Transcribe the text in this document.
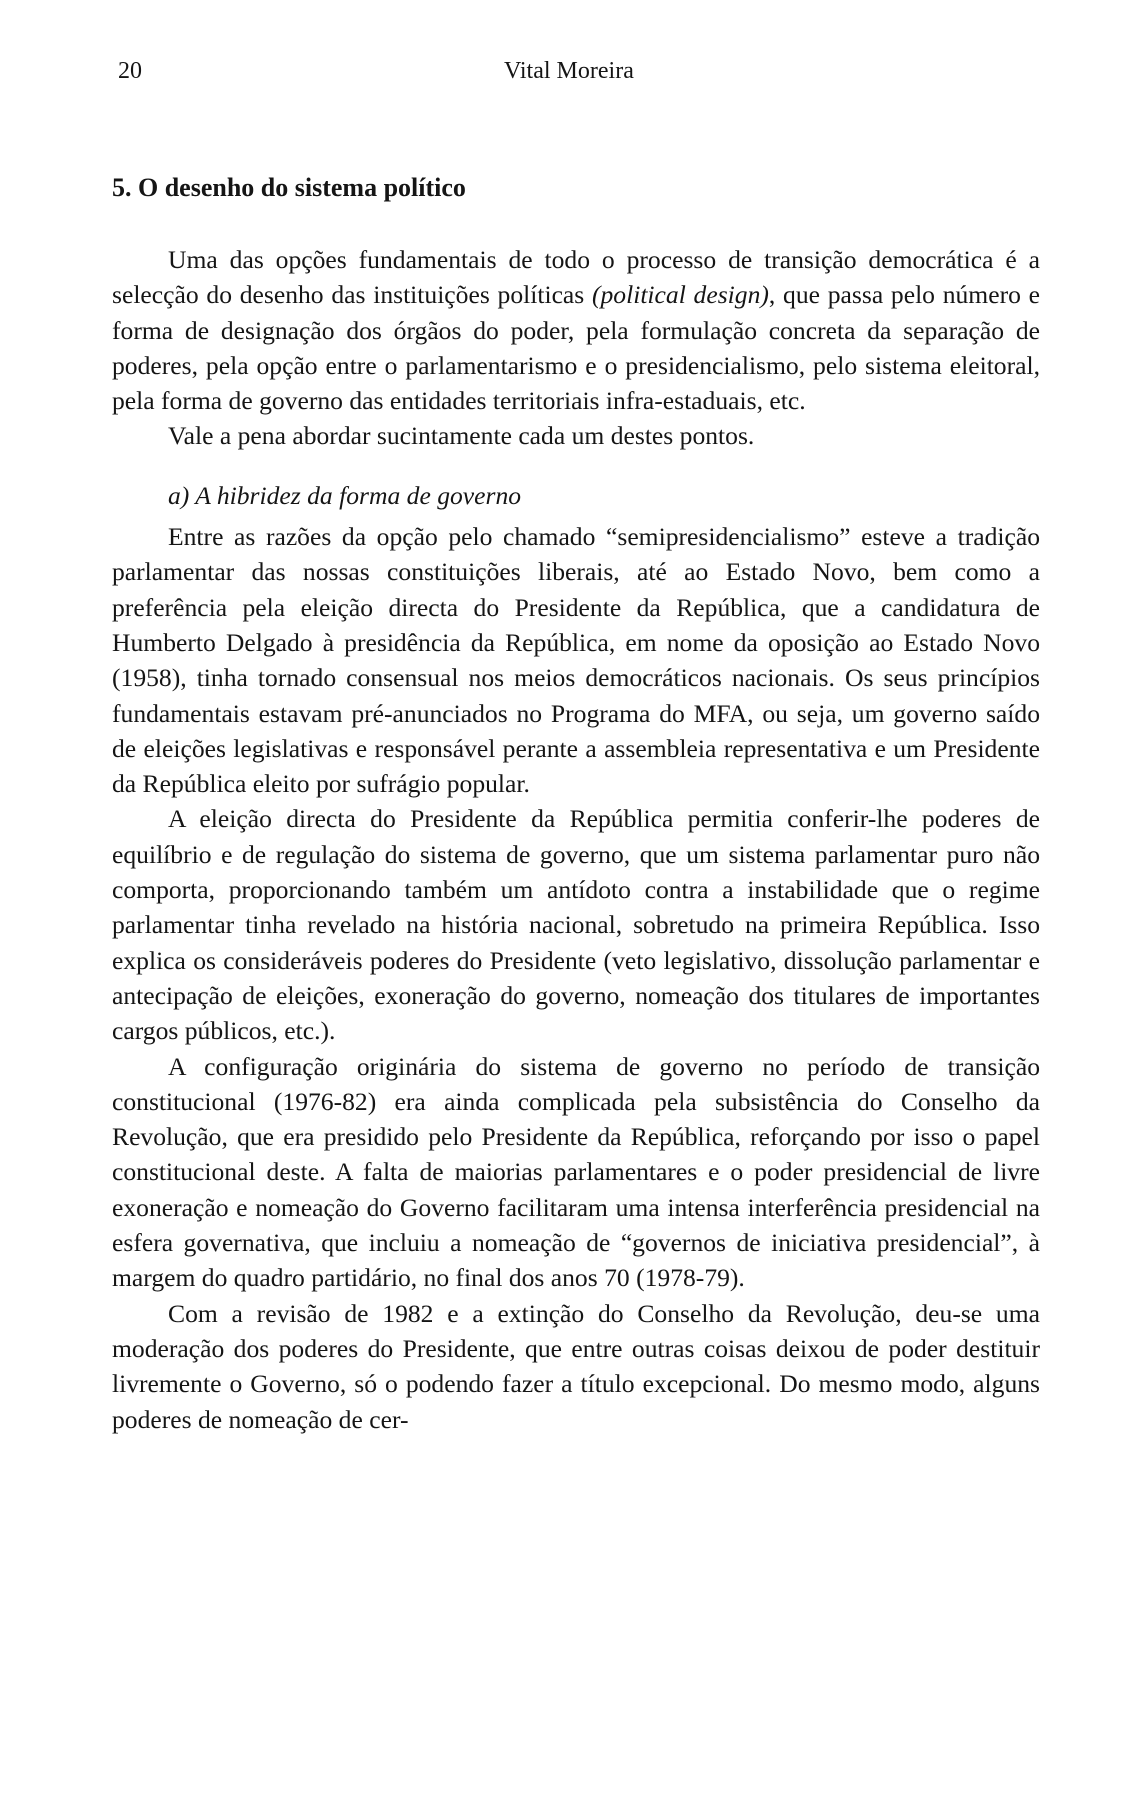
20	Vital Moreira
5. O desenho do sistema político

Uma das opções fundamentais de todo o processo de transição democrática é a selecção do desenho das instituições políticas (political design), que passa pelo número e forma de designação dos órgãos do poder, pela formulação concreta da separação de poderes, pela opção entre o parlamentarismo e o presidencialismo, pelo sistema eleitoral, pela forma de governo das entidades territoriais infra-estaduais, etc.

Vale a pena abordar sucintamente cada um destes pontos.

a) A hibridez da forma de governo

Entre as razões da opção pelo chamado “semipresidencialismo” esteve a tradição parlamentar das nossas constituições liberais, até ao Estado Novo, bem como a preferência pela eleição directa do Presidente da República, que a candidatura de Humberto Delgado à presidência da República, em nome da oposição ao Estado Novo (1958), tinha tornado consensual nos meios democráticos nacionais. Os seus princípios fundamentais estavam pré-anunciados no Programa do MFA, ou seja, um governo saído de eleições legislativas e responsável perante a assembleia representativa e um Presidente da República eleito por sufrágio popular.

A eleição directa do Presidente da República permitia conferir-lhe poderes de equilíbrio e de regulação do sistema de governo, que um sistema parlamentar puro não comporta, proporcionando também um antídoto contra a instabilidade que o regime parlamentar tinha revelado na história nacional, sobretudo na primeira República. Isso explica os consideráveis poderes do Presidente (veto legislativo, dissolução parlamentar e antecipação de eleições, exoneração do governo, nomeação dos titulares de importantes cargos públicos, etc.).

A configuração originária do sistema de governo no período de transição constitucional (1976-82) era ainda complicada pela subsistência do Conselho da Revolução, que era presidido pelo Presidente da República, reforçando por isso o papel constitucional deste. A falta de maiorias parlamentares e o poder presidencial de livre exoneração e nomeação do Governo facilitaram uma intensa interferência presidencial na esfera governativa, que incluiu a nomeação de “governos de iniciativa presidencial”, à margem do quadro partidário, no final dos anos 70 (1978-79).

Com a revisão de 1982 e a extinção do Conselho da Revolução, deu-se uma moderação dos poderes do Presidente, que entre outras coisas deixou de poder destituir livremente o Governo, só o podendo fazer a título excepcional. Do mesmo modo, alguns poderes de nomeação de cer-
